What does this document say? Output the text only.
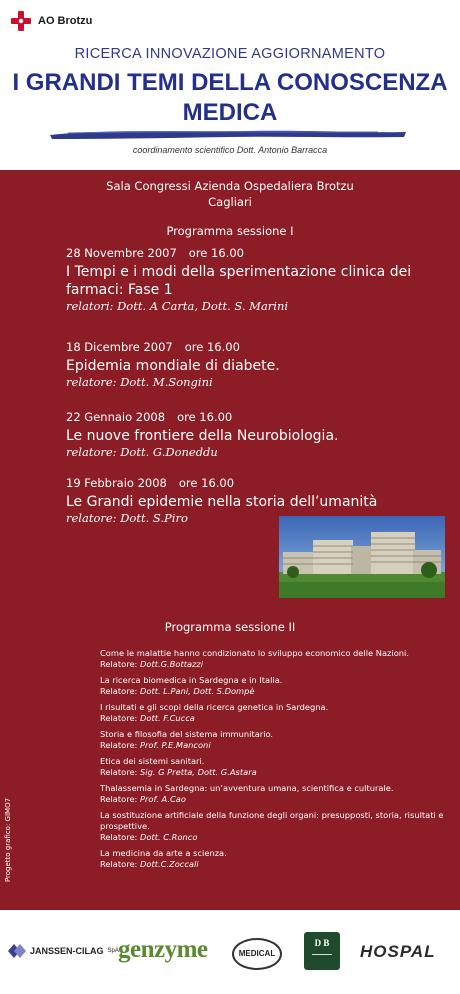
AO Brotzu
RICERCA INNOVAZIONE AGGIORNAMENTO
I GRANDI TEMI DELLA CONOSCENZA
MEDICA
coordinamento scientifico Dott. Antonio Barracca
Sala Congressi Azienda Ospedaliera Brotzu
Cagliari
Programma sessione I
28 Novembre 2007 ore 16.00
I Tempi e i modi della sperimentazione clinica dei farmaci: Fase 1
relatori: Dott. A Carta, Dott. S. Marini
18 Dicembre 2007 ore 16.00
Epidemia mondiale di diabete.
relatore: Dott. M.Songini
22 Gennaio 2008 ore 16.00
Le nuove frontiere della Neurobiologia.
relatore: Dott. G.Doneddu
19 Febbraio 2008 ore 16.00
Le Grandi epidemie nella storia dell’umanità
relatore: Dott. S.Piro
Programma sessione II
Come le malattie hanno condizionato lo sviluppo economico delle Nazioni.
Relatore: Dott.G.Bottazzi
La ricerca biomedica in Sardegna e in Italia.
Relatore: Dott. L.Pani, Dott. S.Dompè
I risultati e gli scopi della ricerca genetica in Sardegna.
Relatore: Dott. F.Cucca
Storia e filosofia del sistema immunitario.
Relatore: Prof. P.E.Manconi
Etica dei sistemi sanitari.
Relatore: Sig. G Pretta, Dott. G.Astara
Thalassemia in Sardegna: un’avventura umana, scientifica e culturale.
Relatore: Prof. A.Cao
La sostituzione artificiale della funzione degli organi: presupposti, storia, risultati e prospettive.
Relatore: Dott. C.Ronco
La medicina da arte a scienza.
Relatore: Dott.C.Zoccali
Progetto grafico: GIMO7
JANSSEN-CILAG SpA genzyme	MEDICAL
D B	HOSPAL
